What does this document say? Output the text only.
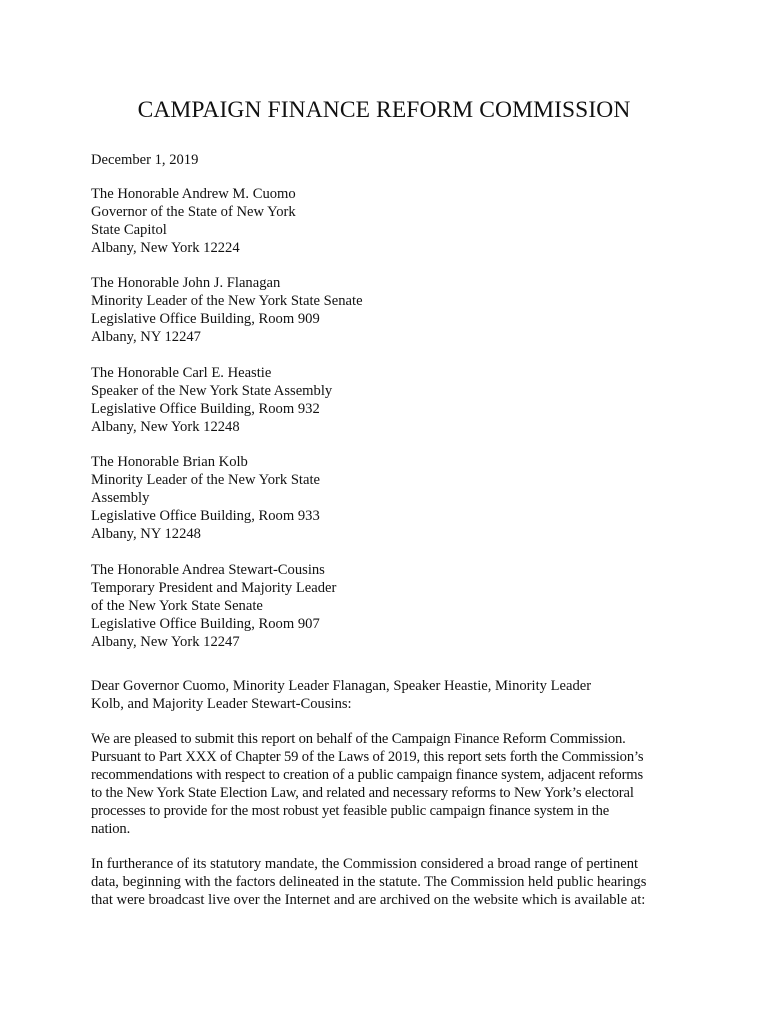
CAMPAIGN FINANCE REFORM COMMISSION
December 1, 2019
The Honorable Andrew M. Cuomo
Governor of the State of New York
State Capitol
Albany, New York 12224
The Honorable John J. Flanagan
Minority Leader of the New York State Senate
Legislative Office Building, Room 909
Albany, NY 12247
The Honorable Carl E. Heastie
Speaker of the New York State Assembly
Legislative Office Building, Room 932
Albany, New York 12248
The Honorable Brian Kolb
Minority Leader of the New York State
Assembly
Legislative Office Building, Room 933
Albany, NY 12248
The Honorable Andrea Stewart-Cousins
Temporary President and Majority Leader
of the New York State Senate
Legislative Office Building, Room 907
Albany, New York 12247
Dear Governor Cuomo, Minority Leader Flanagan, Speaker Heastie, Minority Leader
Kolb, and Majority Leader Stewart-Cousins:
We are pleased to submit this report on behalf of the Campaign Finance Reform Commission.
Pursuant to Part XXX of Chapter 59 of the Laws of 2019, this report sets forth the Commission’s
recommendations with respect to creation of a public campaign finance system, adjacent reforms
to the New York State Election Law, and related and necessary reforms to New York’s electoral
processes to provide for the most robust yet feasible public campaign finance system in the
nation.
In furtherance of its statutory mandate, the Commission considered a broad range of pertinent
data, beginning with the factors delineated in the statute. The Commission held public hearings
that were broadcast live over the Internet and are archived on the website which is available at:
